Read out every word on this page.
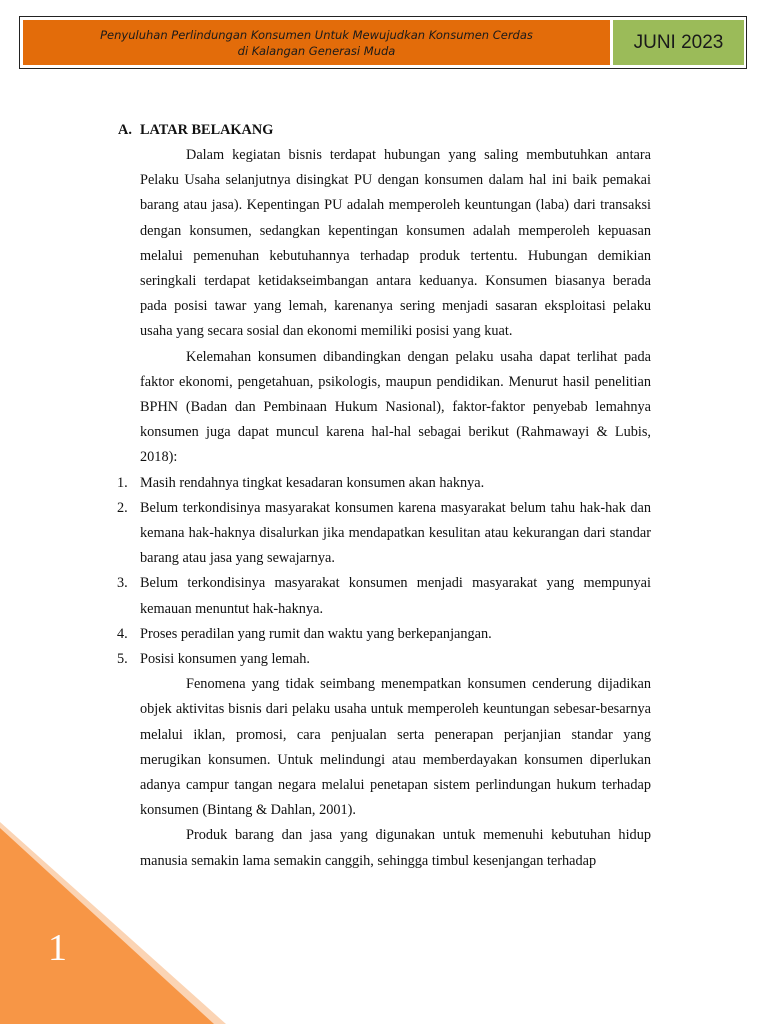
Penyuluhan Perlindungan Konsumen Untuk Mewujudkan Konsumen Cerdas
di Kalangan Generasi Muda	JUNI 2023
A. LATAR BELAKANG

Dalam kegiatan bisnis terdapat hubungan yang saling membutuhkan antara Pelaku Usaha selanjutnya disingkat PU dengan konsumen dalam hal ini baik pemakai barang atau jasa). Kepentingan PU adalah memperoleh keuntungan (laba) dari transaksi dengan konsumen, sedangkan kepentingan konsumen adalah memperoleh kepuasan melalui pemenuhan kebutuhannya terhadap produk tertentu. Hubungan demikian seringkali terdapat ketidakseimbangan antara keduanya. Konsumen biasanya berada pada posisi tawar yang lemah, karenanya sering menjadi sasaran eksploitasi pelaku usaha yang secara sosial dan ekonomi memiliki posisi yang kuat.

Kelemahan konsumen dibandingkan dengan pelaku usaha dapat terlihat pada faktor ekonomi, pengetahuan, psikologis, maupun pendidikan. Menurut hasil penelitian BPHN (Badan dan Pembinaan Hukum Nasional), faktor-faktor penyebab lemahnya konsumen juga dapat muncul karena hal-hal sebagai berikut (Rahmawayi & Lubis, 2018):

1. Masih rendahnya tingkat kesadaran konsumen akan haknya.
2. Belum terkondisinya masyarakat konsumen karena masyarakat belum tahu hak-hak dan kemana hak-haknya disalurkan jika mendapatkan kesulitan atau kekurangan dari standar barang atau jasa yang sewajarnya.
3. Belum terkondisinya masyarakat konsumen menjadi masyarakat yang mempunyai kemauan menuntut hak-haknya.
4. Proses peradilan yang rumit dan waktu yang berkepanjangan.
5. Posisi konsumen yang lemah.

Fenomena yang tidak seimbang menempatkan konsumen cenderung dijadikan objek aktivitas bisnis dari pelaku usaha untuk memperoleh keuntungan sebesar-besarnya melalui iklan, promosi, cara penjualan serta penerapan perjanjian standar yang merugikan konsumen. Untuk melindungi atau memberdayakan konsumen diperlukan adanya campur tangan negara melalui penetapan sistem perlindungan hukum terhadap konsumen (Bintang & Dahlan, 2001).

Produk barang dan jasa yang digunakan untuk memenuhi kebutuhan hidup manusia semakin lama semakin canggih, sehingga timbul kesenjangan terhadap

1
